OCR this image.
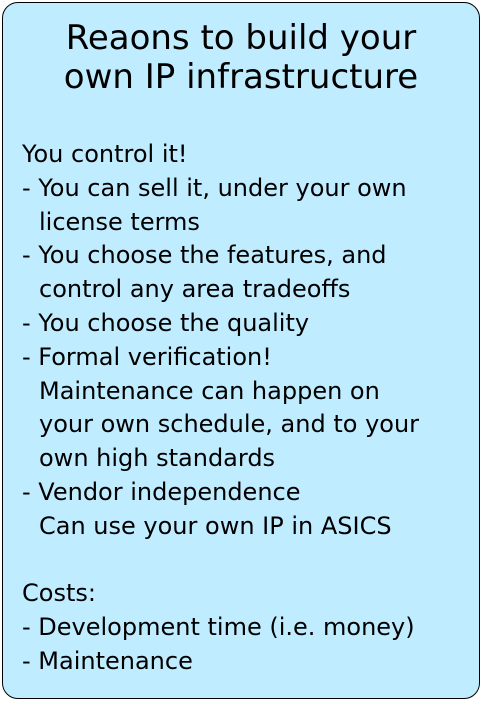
Reaons to build your
own IP infrastructure
You control it!
- You can sell it, under your own
license terms
- You choose the features, and
control any area tradeoffs
- You choose the quality
- Formal verification!
Maintenance can happen on
your own schedule, and to your
own high standards
- Vendor independence
Can use your own IP in ASICS
Costs:
- Development time (i.e. money)
- Maintenance
